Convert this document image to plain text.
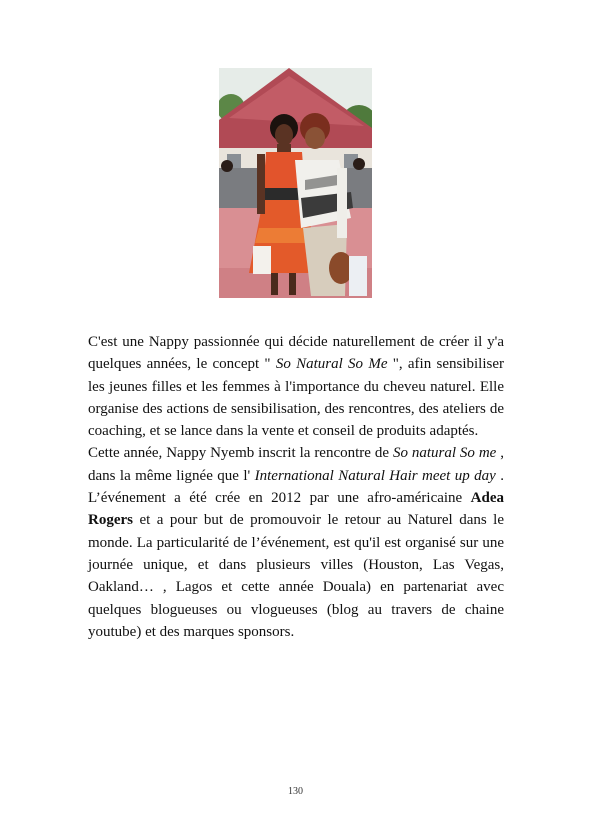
C'est une Nappy passionnée qui décide naturellement de créer il y'a quelques années, le concept " So Natural So Me ", afin sensibiliser les jeunes filles et les femmes à l'importance du cheveu naturel. Elle organise des actions de sensibilisation, des rencontres, des ateliers de coaching, et se lance dans la vente et conseil de produits adaptés.

Cette année, Nappy Nyemb inscrit la rencontre de So natural So me , dans la même lignée que l' International Natural Hair meet up day . L’événement a été crée en 2012 par une afro-américaine Adea Rogers et a pour but de promouvoir le retour au Naturel dans le monde. La particularité de l’événement, est qu'il est organisé sur une journée unique, et dans plusieurs villes (Houston, Las Vegas, Oakland… , Lagos et cette année Douala) en partenariat avec quelques blogueuses ou vlogueuses (blog au travers de chaine youtube) et des marques sponsors.

130
